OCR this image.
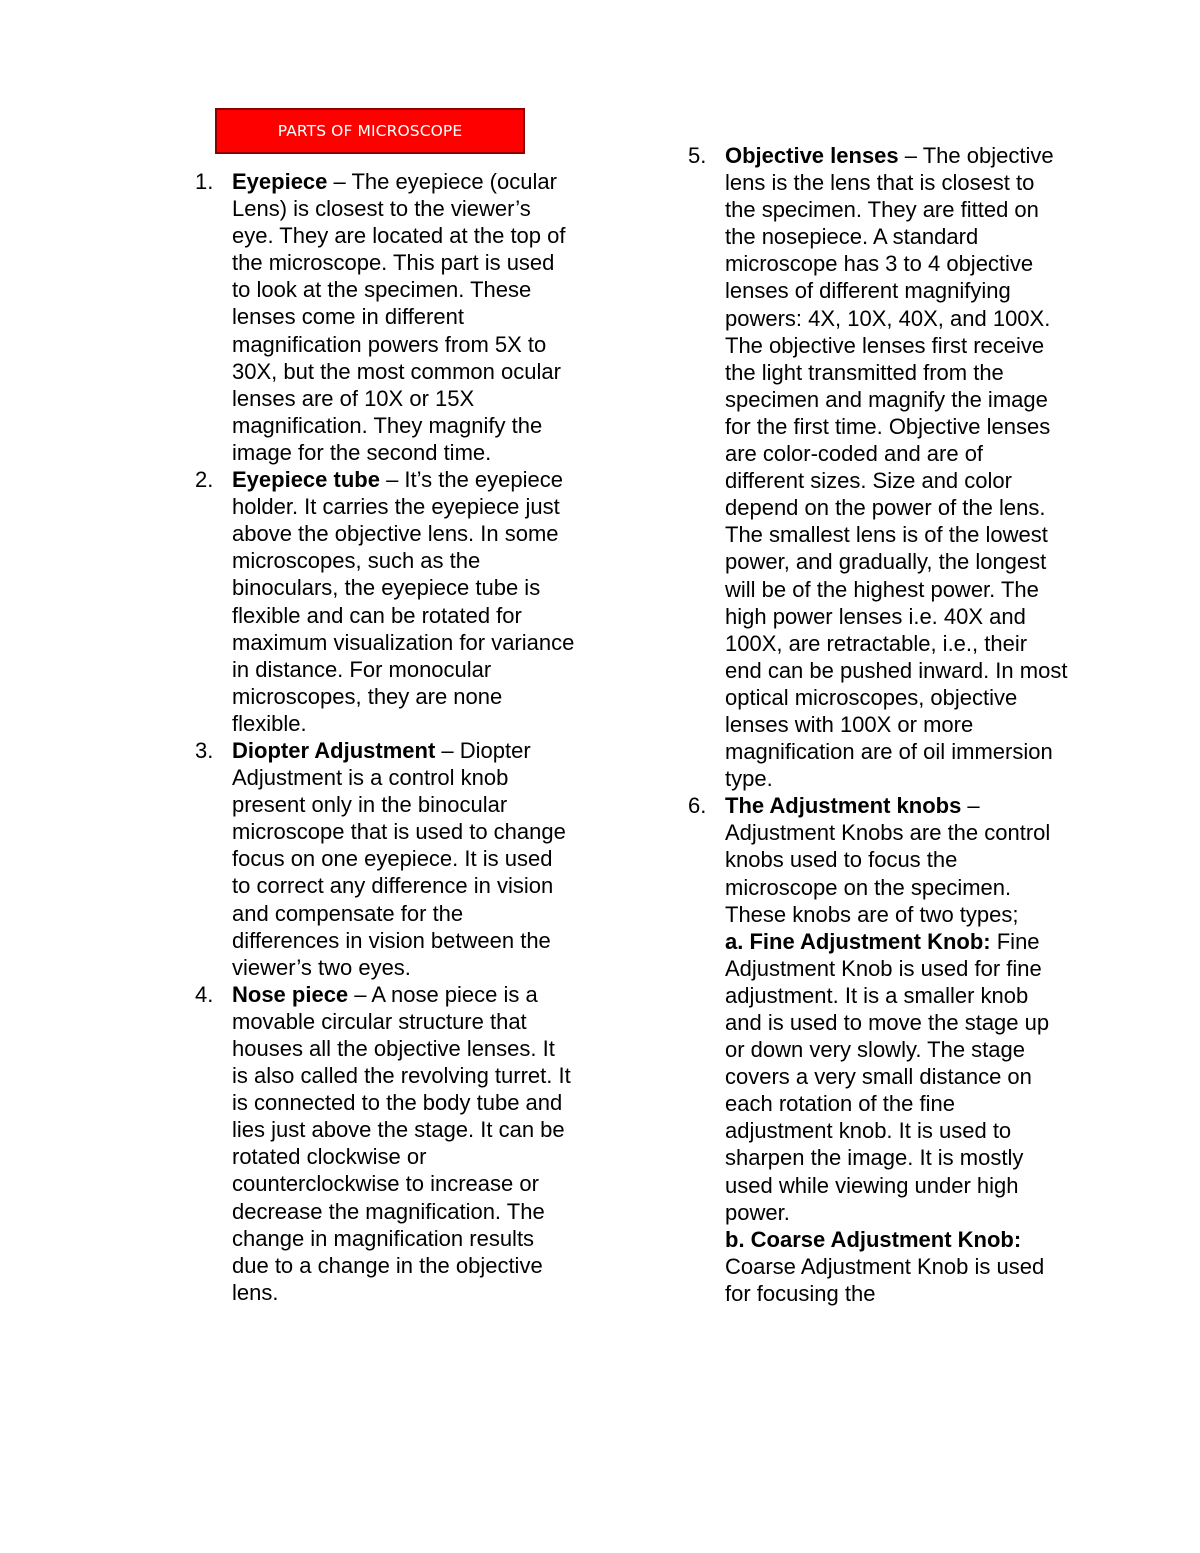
PARTS OF MICROSCOPE
1. Eyepiece – The eyepiece (ocular Lens) is closest to the viewer’s eye. They are located at the top of the microscope. This part is used to look at the specimen. These lenses come in different magnification powers from 5X to 30X, but the most common ocular lenses are of 10X or 15X magnification. They magnify the image for the second time.
2. Eyepiece tube – It’s the eyepiece holder. It carries the eyepiece just above the objective lens. In some microscopes, such as the binoculars, the eyepiece tube is flexible and can be rotated for maximum visualization for variance in distance. For monocular microscopes, they are none flexible.
3. Diopter Adjustment – Diopter Adjustment is a control knob present only in the binocular microscope that is used to change focus on one eyepiece. It is used to correct any difference in vision and compensate for the differences in vision between the viewer’s two eyes.
4. Nose piece – A nose piece is a movable circular structure that houses all the objective lenses. It is also called the revolving turret. It is connected to the body tube and lies just above the stage. It can be rotated clockwise or counterclockwise to increase or decrease the magnification. The change in magnification results due to a change in the objective lens.
5. Objective lenses – The objective lens is the lens that is closest to the specimen. They are fitted on the nosepiece. A standard microscope has 3 to 4 objective lenses of different magnifying powers: 4X, 10X, 40X, and 100X. The objective lenses first receive the light transmitted from the specimen and magnify the image for the first time. Objective lenses are color-coded and are of different sizes. Size and color depend on the power of the lens. The smallest lens is of the lowest power, and gradually, the longest will be of the highest power. The high power lenses i.e. 40X and 100X, are retractable, i.e., their end can be pushed inward. In most optical microscopes, objective lenses with 100X or more magnification are of oil immersion type.
6. The Adjustment knobs – Adjustment Knobs are the control knobs used to focus the microscope on the specimen. These knobs are of two types;
a. Fine Adjustment Knob: Fine Adjustment Knob is used for fine adjustment. It is a smaller knob and is used to move the stage up or down very slowly. The stage covers a very small distance on each rotation of the fine adjustment knob. It is used to sharpen the image. It is mostly used while viewing under high power.
b. Coarse Adjustment Knob: Coarse Adjustment Knob is used for focusing the
